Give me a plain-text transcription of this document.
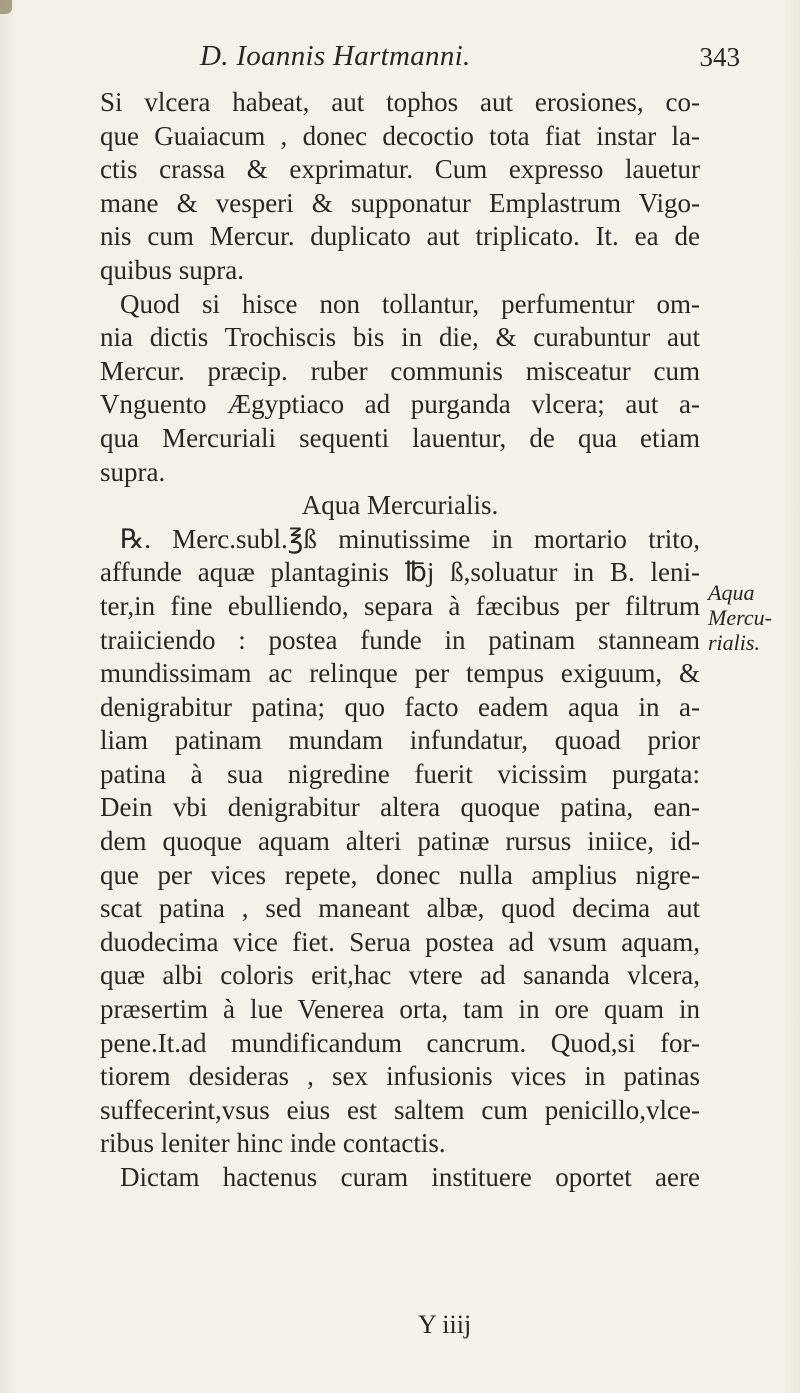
D. Ioannis Hartmanni.	343
Si vlcera habeat, aut tophos aut erosiones, co-
que Guaiacum , donec decoctio tota fiat instar la-
ctis crassa & exprimatur. Cum expresso lauetur
mane & vesperi & supponatur Emplastrum Vigo-
nis cum Mercur. duplicato aut triplicato. It. ea de
quibus supra.
Quod si hisce non tollantur, perfumentur om-
nia dictis Trochiscis bis in die, & curabuntur aut
Mercur. præcip. ruber communis misceatur cum
Vnguento Ægyptiaco ad purganda vlcera; aut a-
qua Mercuriali sequenti lauentur, de qua etiam
supra.
Aqua Mercurialis.
℞. Merc.subl.℥ß minutissime in mortario trito,
affunde aquæ plantaginis ℔j ß,soluatur in B. leni-
ter,in fine ebulliendo, separa à fæcibus per filtrum
traiiciendo : postea funde in patinam stanneam
mundissimam ac relinque per tempus exiguum, &
denigrabitur patina; quo facto eadem aqua in a-
liam patinam mundam infundatur, quoad prior
patina à sua nigredine fuerit vicissim purgata:
Dein vbi denigrabitur altera quoque patina, ean-
dem quoque aquam alteri patinæ rursus iniice, id-
que per vices repete, donec nulla amplius nigre-
scat patina , sed maneant albæ, quod decima aut
duodecima vice fiet. Serua postea ad vsum aquam,
quæ albi coloris erit,hac vtere ad sananda vlcera,
præsertim à lue Venerea orta, tam in ore quam in
pene.It.ad mundificandum cancrum. Quod,si for-
tiorem desideras , sex infusionis vices in patinas
suffecerint,vsus eius est saltem cum penicillo,vlce-
ribus leniter hinc inde contactis.
Dictam hactenus curam instituere oportet aere
Aqua
Mercu-
rialis.
Y iiij
